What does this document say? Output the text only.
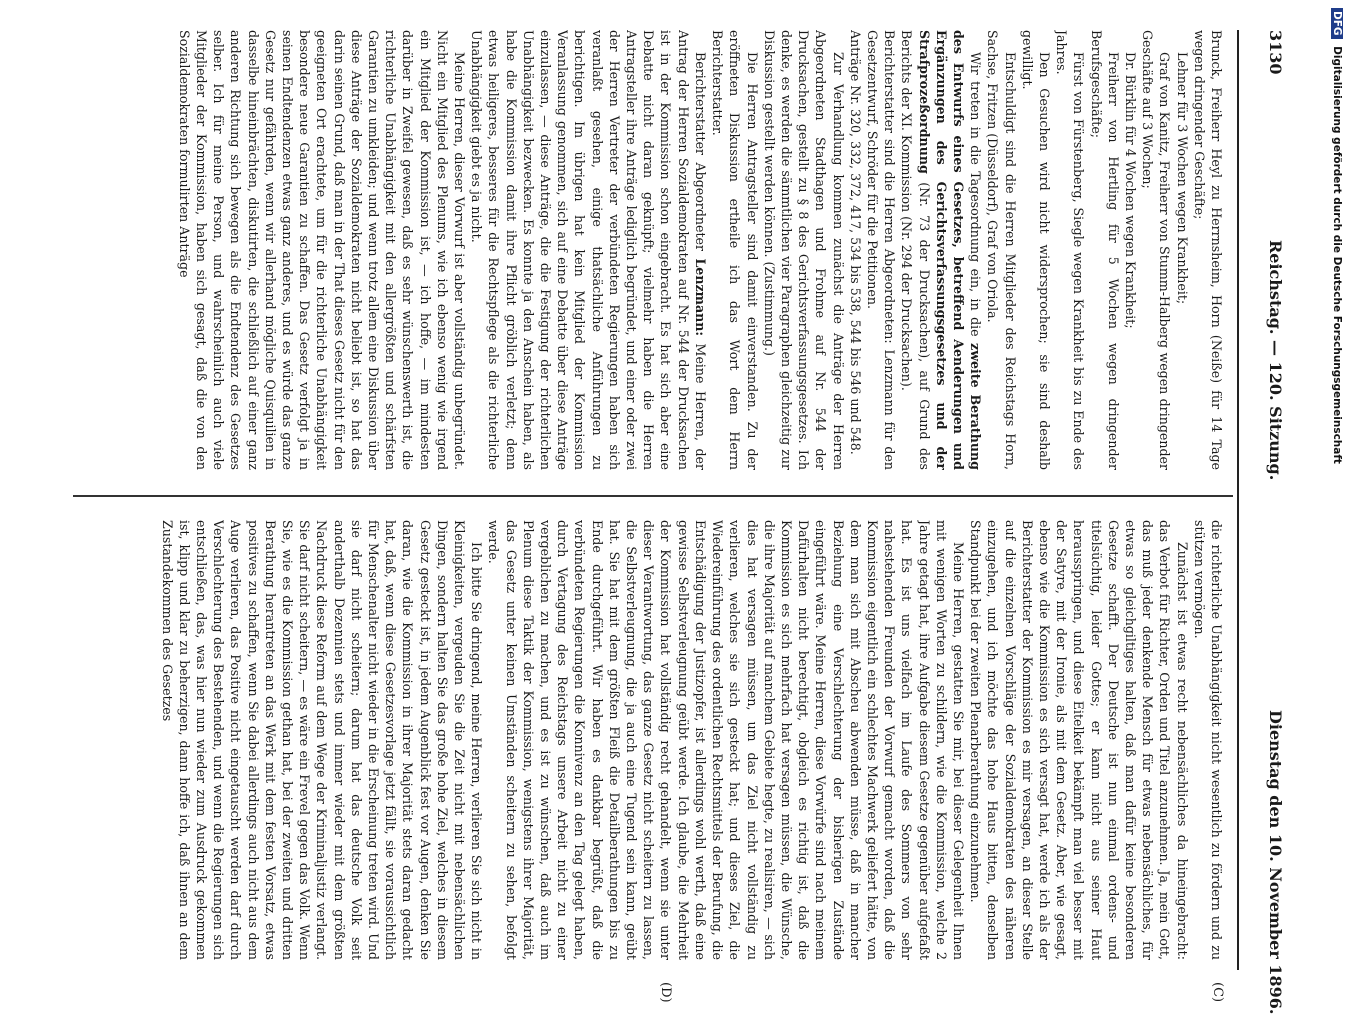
3130
Reichstag. — 120. Sitzung.
Dienstag den 10. November 1896.
(C)
(D)

Brunck, Freiherr Heyl zu Herrnsheim, Horn (Neiße) für 14 Tage wegen dringender Geschäfte;

Lehner für 3 Wochen wegen Krankheit;

Graf von Kanitz, Freiherr von Stumm-Halberg wegen dringender Geschäfte auf 3 Wochen;

Dr. Bürklin für 4 Wochen wegen Krankheit;

Freiherr von Hertling für 5 Wochen wegen dringender Berufsgeschäfte;

Fürst von Fürstenberg, Siegle wegen Krankheit bis zu Ende des Jahres.

Den Gesuchen wird nicht widersprochen; sie sind deshalb gewilligt.

Entschuldigt sind die Herren Mitglieder des Reichstags Horn, Sachse, Fritzen (Düsseldorf), Graf von Oriola.

Wir treten in die Tagesordnung ein, in die zweite Berathung des Entwurfs eines Gesetzes, betreffend Aenderungen und Ergänzungen des Gerichtsverfassungsgesetzes und der Strafprozeßordnung (Nr. 73 der Drucksachen), auf Grund des Berichts der XI. Kommission (Nr. 294 der Drucksachen).

Berichterstatter sind die Herren Abgeordneten: Lenzmann für den Gesetzentwurf, Schröder für die Petitionen.

Anträge Nr. 320, 332, 372, 417, 534 bis 538, 544 bis 546 und 548.

Zur Verhandlung kommen zunächst die Anträge der Herren Abgeordneten Stadthagen und Frohme auf Nr. 544 der Drucksachen, gestellt zu § 8 des Gerichtsverfassungsgesetzes. Ich denke, es werden die sämmtlichen vier Paragraphen gleichzeitig zur Diskussion gestellt werden können. (Zustimmung.)

Die Herren Antragsteller sind damit einverstanden. Zu der eröffneten Diskussion ertheile ich das Wort dem Herrn Berichterstatter.

Berichterstatter Abgeordneter Lenzmann: Meine Herren, der Antrag der Herren Sozialdemokraten auf Nr. 544 der Drucksachen ist in der Kommission schon eingebracht. Es hat sich aber eine Debatte nicht daran geknüpft; vielmehr haben die Herren Antragsteller ihre Anträge lediglich begründet, und einer oder zwei der Herren Vertreter der verbündeten Regierungen haben sich veranlaßt gesehen, einige thatsächliche Anführungen zu berichtigen. Im übrigen hat kein Mitglied der Kommission Veranlassung genommen, sich auf eine Debatte über diese Anträge einzulassen, — diese Anträge, die die Festigung der richterlichen Unabhängigkeit bezwecken. Es konnte ja den Anschein haben, als habe die Kommission damit ihre Pflicht gröblich verletzt; denn etwas heiligeres, besseres für die Rechtspflege als die richterliche Unabhängigkeit giebt es ja nicht.

Meine Herren, dieser Vorwurf ist aber vollständig unbegründet. Nicht ein Mitglied des Plenums, wie ich ebenso wenig wie irgend ein Mitglied der Kommission ist, — ich hoffe, — im mindesten darüber in Zweifel gewesen, daß es sehr wünschenswerth ist, die richterliche Unabhängigkeit mit den allergrößten und schärfsten Garantien zu umkleiden; und wenn trotz allem eine Diskussion über diese Anträge der Sozialdemokraten nicht beliebt ist, so hat das darin seinen Grund, daß man in der That dieses Gesetz nicht für den geeigneten Ort erachtete, um für die richterliche Unabhängigkeit besondere neue Garantien zu schaffen. Das Gesetz verfolgt ja in seinen Endtendenzen etwas ganz anderes, und es würde das ganze Gesetz nur gefährden, wenn wir allerhand mögliche Quisquilien in dasselbe hineinbrächten, diskutirten, die schließlich auf einer ganz anderen Richtung sich bewegen als die Endtendenz des Gesetzes selber. Ich für meine Person, und wahrscheinlich auch viele Mitglieder der Kommission, haben sich gesagt, daß die von den Sozialdemokraten formulirten Anträge

die richterliche Unabhängigkeit nicht wesentlich zu fördern und zu stützen vermögen.

Zunächst ist etwas recht nebensächliches da hineingebracht: das Verbot für Richter, Orden und Titel anzunehmen. Ja, mein Gott, das muß jeder denkende Mensch für etwas nebensächliches, für etwas so gleichgiltiges halten, daß man dafür keine besonderen Gesetze schafft. Der Deutsche ist nun einmal ordens- und titelsüchtig, leider Gottes; er kann nicht aus seiner Haut herausspringen, und diese Eitelkeit bekämpft man viel besser mit der Satyre, mit der Ironie, als mit dem Gesetz. Aber, wie gesagt, ebenso wie die Kommission es sich versagt hat, werde ich als der Berichterstatter der Kommission es mir versagen, an dieser Stelle auf die einzelnen Vorschläge der Sozialdemokraten des näheren einzugehen, und ich möchte das hohe Haus bitten, denselben Standpunkt bei der zweiten Plenarberathung einzunehmen.

Meine Herren, gestatten Sie mir, bei dieser Gelegenheit Ihnen mit wenigen Worten zu schildern, wie die Kommission, welche 2 Jahre getagt hat, ihre Aufgabe diesem Gesetze gegenüber aufgefaßt hat. Es ist uns vielfach im Laufe des Sommers von sehr nahestehenden Freunden der Vorwurf gemacht worden, daß die Kommission eigentlich ein schlechtes Machwerk geliefert hätte, von dem man sich mit Abscheu abwenden müsse, daß in mancher Beziehung eine Verschlechterung der bisherigen Zustände eingeführt wäre. Meine Herren, diese Vorwürfe sind nach meinem Dafürhalten nicht berechtigt, obgleich es richtig ist, daß die Kommission es sich mehrfach hat versagen müssen, die Wünsche, die ihre Majorität auf manchem Gebiete hegte, zu realisiren, — sich dies hat versagen müssen, um das Ziel nicht vollständig zu verlieren, welches sie sich gesteckt hat; und dieses Ziel, die Wiedereinführung des ordentlichen Rechtsmittels der Berufung, die Entschädigung der Justizopfer, ist allerdings wohl werth, daß eine gewisse Selbstverleugnung geübt werde. Ich glaube, die Mehrheit der Kommission hat vollständig recht gehandelt, wenn sie unter dieser Verantwortung, das ganze Gesetz nicht scheitern zu lassen, die Selbstverleugnung, die ja auch eine Tugend sein kann, geübt hat. Sie hat mit dem größten Fleiß die Detailberathungen bis zu Ende durchgeführt. Wir haben es dankbar begrüßt, daß die verbündeten Regierungen die Konnivenz an den Tag gelegt haben, durch Vertagung des Reichstags unsere Arbeit nicht zu einer vergeblichen zu machen, und es ist zu wünschen, daß auch im Plenum diese Taktik der Kommission, wenigstens ihrer Majorität, das Gesetz unter keinen Umständen scheitern zu sehen, befolgt werde.

Ich bitte Sie dringend, meine Herren, verlieren Sie sich nicht in Kleinigkeiten, vergeuden Sie die Zeit nicht mit nebensächlichen Dingen, sondern halten Sie das große hohe Ziel, welches in diesem Gesetz gesteckt ist, in jedem Augenblick fest vor Augen, denken Sie daran, wie die Kommission in ihrer Majorität stets daran gedacht hat, daß, wenn diese Gesetzesvorlage jetzt fällt, sie voraussichtlich für Menschenalter nicht wieder in die Erscheinung treten wird. Und sie darf nicht scheitern; darum hat das deutsche Volk seit anderthalb Dezennien stets und immer wieder mit dem größten Nachdruck diese Reform auf dem Wege der Kriminaljustiz verlangt. Sie darf nicht scheitern, — es wäre ein Frevel gegen das Volk. Wenn Sie, wie es die Kommission gethan hat, bei der zweiten und dritten Berathung herantreten an das Werk mit dem festen Vorsatz, etwas positives zu schaffen, wenn Sie dabei allerdings auch nicht aus dem Auge verlieren, das Positive nicht eingetauscht werden darf durch Verschlechterung des Bestehenden, und wenn die Regierungen sich entschließen, das, was hier nun wieder zum Ausdruck gekommen ist, klipp und klar zu beherzigen, dann hoffe ich, daß ihnen an dem Zustandekommen des Gesetzes

DFG Digitalisierung gefördert durch die Deutsche Forschungsgemeinschaft
